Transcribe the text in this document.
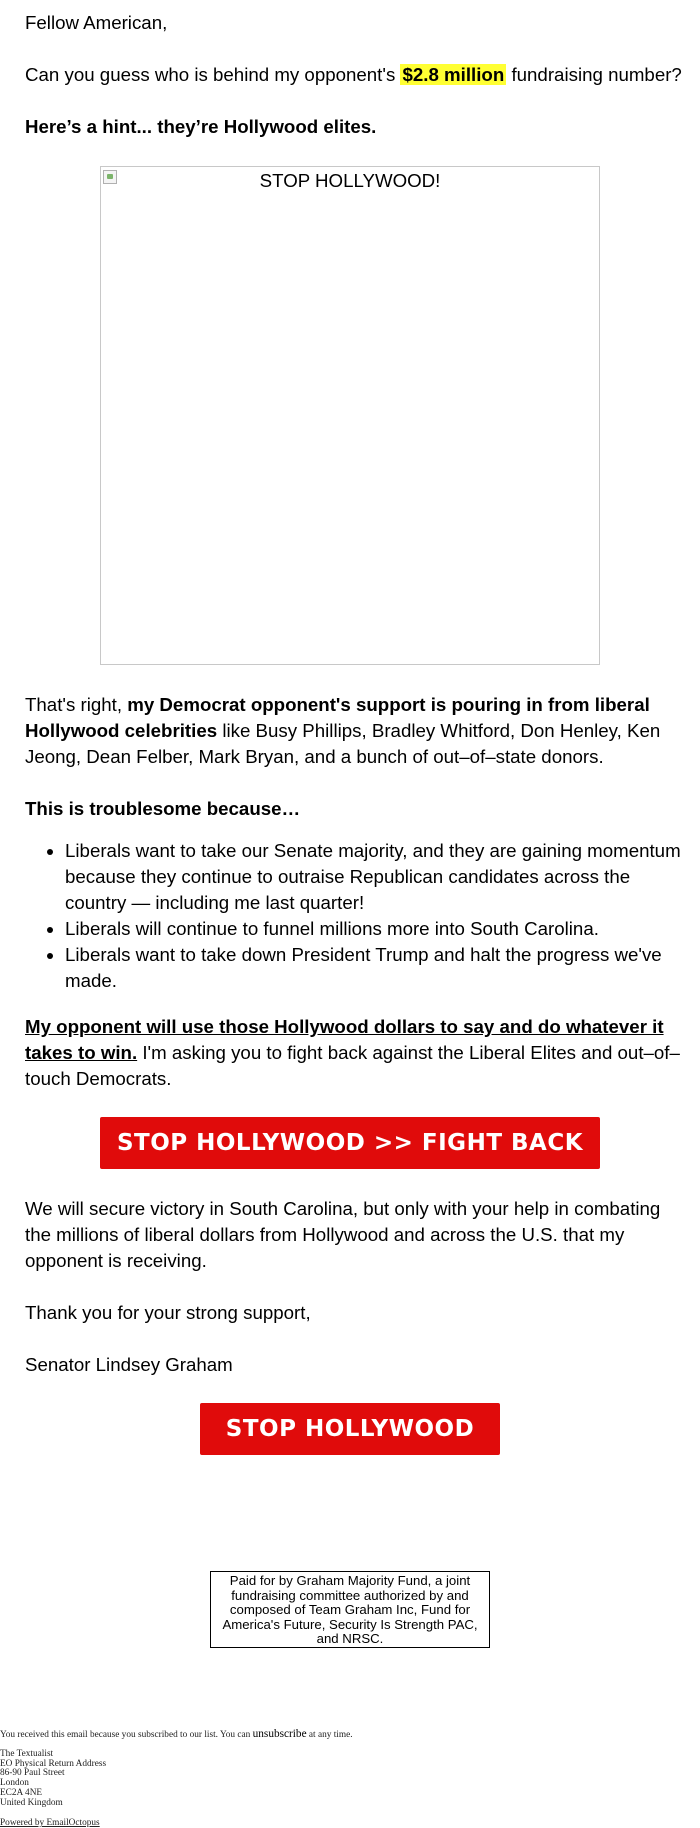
Fellow American,

Can you guess who is behind my opponent's $2.8 million fundraising number?

Here’s a hint... they’re Hollywood elites.

STOP HOLLYWOOD!

That's right, my Democrat opponent's support is pouring in from liberal Hollywood celebrities like Busy Phillips, Bradley Whitford, Don Henley, Ken Jeong, Dean Felber, Mark Bryan, and a bunch of out–of–state donors.

This is troublesome because…

• Liberals want to take our Senate majority, and they are gaining momentum because they continue to outraise Republican candidates across the country — including me last quarter!
• Liberals will continue to funnel millions more into South Carolina.
• Liberals want to take down President Trump and halt the progress we've made.

My opponent will use those Hollywood dollars to say and do whatever it takes to win. I'm asking you to fight back against the Liberal Elites and out–of–touch Democrats.

STOP HOLLYWOOD >> FIGHT BACK

We will secure victory in South Carolina, but only with your help in combating the millions of liberal dollars from Hollywood and across the U.S. that my opponent is receiving.

Thank you for your strong support,

Senator Lindsey Graham

STOP HOLLYWOOD
Paid for by Graham Majority Fund, a joint fundraising committee authorized by and composed of Team Graham Inc, Fund for America's Future, Security Is Strength PAC, and NRSC.
You received this email because you subscribed to our list. You can unsubscribe at any time.
The Textualist
EO Physical Return Address
86-90 Paul Street
London
EC2A 4NE
United Kingdom
Powered by EmailOctopus
